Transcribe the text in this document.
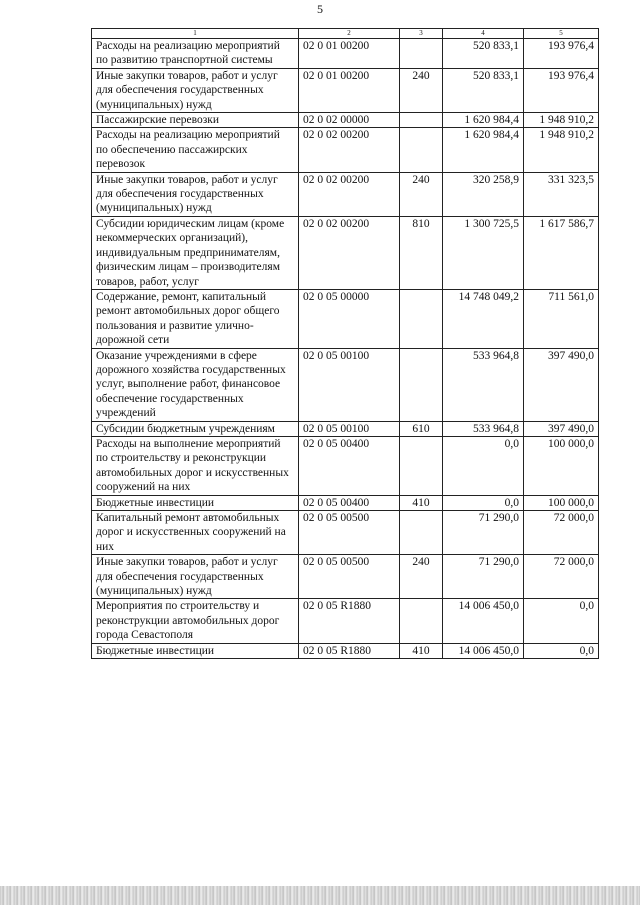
5
1	2	3	4	5
Расходы на реализацию мероприятий по развитию транспортной системы	02 0 01 00200		520 833,1	193 976,4
Иные закупки товаров, работ и услуг для обеспечения государственных (муниципальных) нужд	02 0 01 00200	240	520 833,1	193 976,4
Пассажирские перевозки	02 0 02 00000		1 620 984,4	1 948 910,2
Расходы на реализацию мероприятий по обеспечению пассажирских перевозок	02 0 02 00200		1 620 984,4	1 948 910,2
Иные закупки товаров, работ и услуг для обеспечения государственных (муниципальных) нужд	02 0 02 00200	240	320 258,9	331 323,5
Субсидии юридическим лицам (кроме некоммерческих организаций), индивидуальным предпринимателям, физическим лицам – производителям товаров, работ, услуг	02 0 02 00200	810	1 300 725,5	1 617 586,7
Содержание, ремонт, капитальный ремонт автомобильных дорог общего пользования и развитие улично-дорожной сети	02 0 05 00000		14 748 049,2	711 561,0
Оказание учреждениями в сфере дорожного хозяйства государственных услуг, выполнение работ, финансовое обеспечение государственных учреждений	02 0 05 00100		533 964,8	397 490,0
Субсидии бюджетным учреждениям	02 0 05 00100	610	533 964,8	397 490,0
Расходы на выполнение мероприятий по строительству и реконструкции автомобильных дорог и искусственных сооружений на них	02 0 05 00400		0,0	100 000,0
Бюджетные инвестиции	02 0 05 00400	410	0,0	100 000,0
Капитальный ремонт автомобильных дорог и искусственных сооружений на них	02 0 05 00500		71 290,0	72 000,0
Иные закупки товаров, работ и услуг для обеспечения государственных (муниципальных) нужд	02 0 05 00500	240	71 290,0	72 000,0
Мероприятия по строительству и реконструкции автомобильных дорог города Севастополя	02 0 05 R1880		14 006 450,0	0,0
Бюджетные инвестиции	02 0 05 R1880	410	14 006 450,0	0,0
